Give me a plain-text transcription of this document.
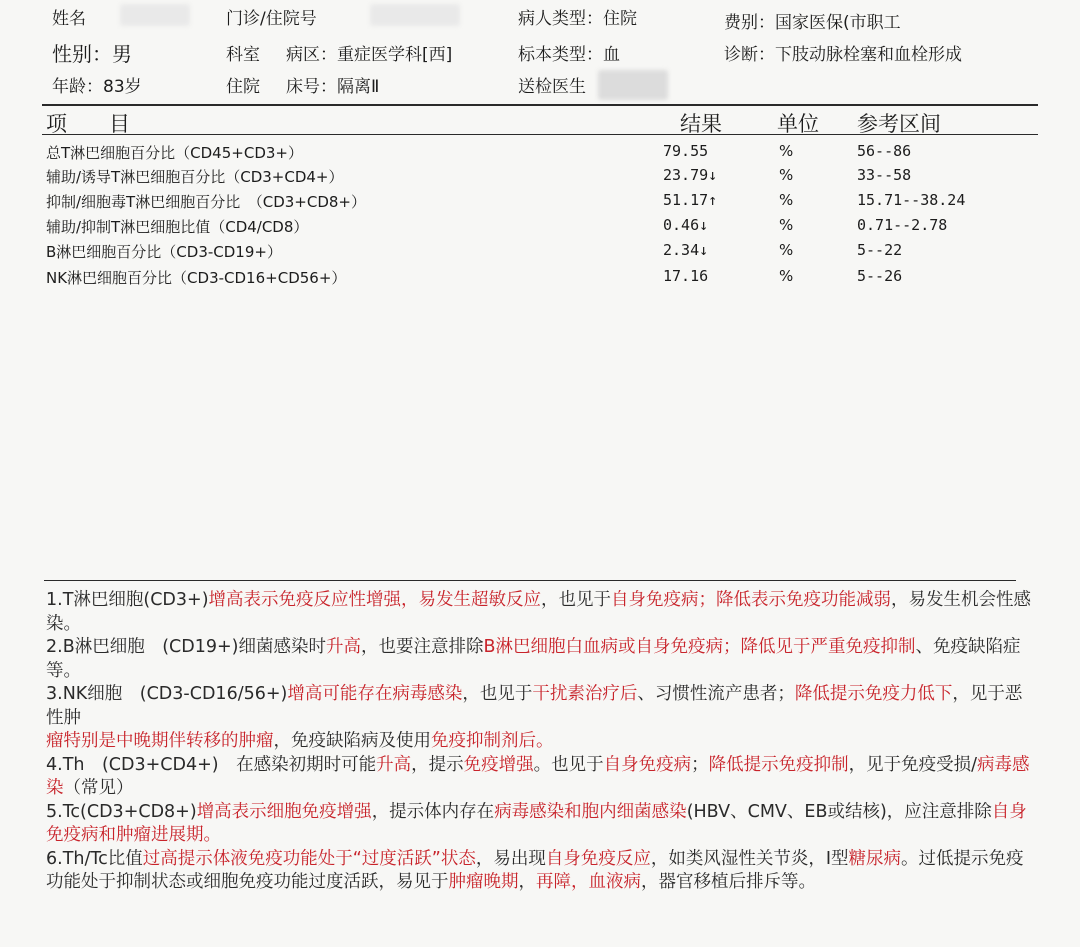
姓名	门诊/住院号	病人类型：住院	费别：国家医保(市职工
性别：男	科室 病区：重症医学科[西]	标本类型：血	诊断：下肢动脉栓塞和血栓形成
年龄：83岁	住院 床号：隔离Ⅱ	送检医生
项　　目	结果	单位 参考区间
总T淋巴细胞百分比（CD45+CD3+）	79.55	%	56--86
辅助/诱导T淋巴细胞百分比（CD3+CD4+）	23.79↓	%	33--58
抑制/细胞毒T淋巴细胞百分比　（CD3+CD8+）	51.17↑	%	15.71--38.24
辅助/抑制T淋巴细胞比值（CD4/CD8）	0.46↓	%	0.71--2.78
B淋巴细胞百分比（CD3-CD19+）	2.34↓	%	5--22
NK淋巴细胞百分比（CD3-CD16+CD56+）	17.16	%	5--26

1.T淋巴细胞(CD3+)增高表示免疫反应性增强，易发生超敏反应，也见于自身免疫病；降低表示免疫功能减弱，易发生机会性感染。

2.B淋巴细胞　(CD19+)细菌感染时升高，也要注意排除B淋巴细胞白血病或自身免疫病；降低见于严重免疫抑制、免疫缺陷症等。

3.NK细胞　(CD3-CD16/56+)增高可能存在病毒感染，也见于干扰素治疗后、习惯性流产患者；降低提示免疫力低下，见于恶性肿
瘤特别是中晚期伴转移的肿瘤，免疫缺陷病及使用免疫抑制剂后。

4.Th　(CD3+CD4+)　在感染初期时可能升高，提示免疫增强。也见于自身免疫病；降低提示免疫抑制，见于免疫受损/病毒感染（常见）

5.Tc(CD3+CD8+)增高表示细胞免疫增强，提示体内存在病毒感染和胞内细菌感染(HBV、CMV、EB或结核)，应注意排除自身免疫病和肿瘤进展期。

6.Th/Tc比值过高提示体液免疫功能处于“过度活跃”状态，易出现自身免疫反应，如类风湿性关节炎，Ⅰ型糖尿病。过低提示免疫功能处于抑制状态或细胞免疫功能过度活跃，易见于肿瘤晚期，再障，血液病，器官移植后排斥等。
